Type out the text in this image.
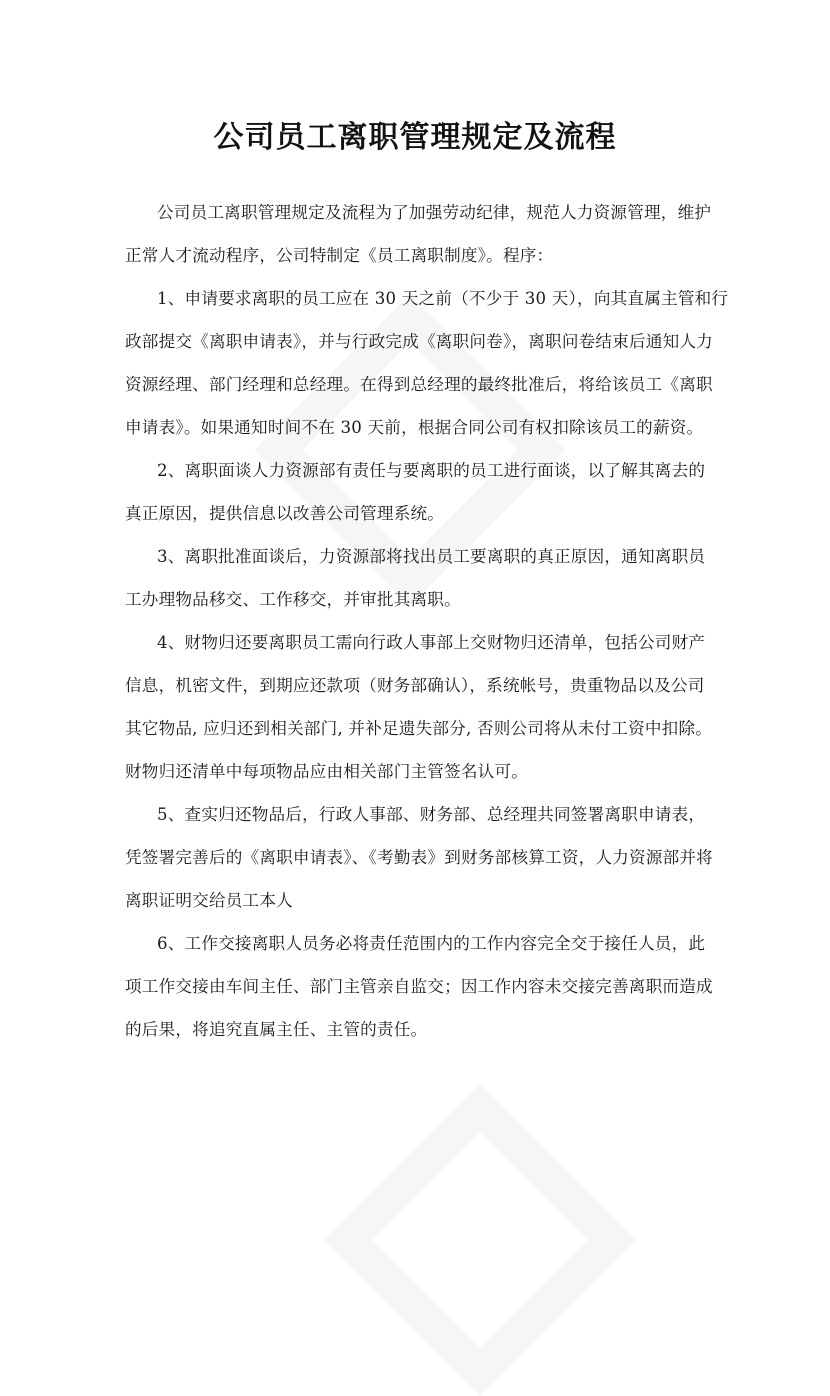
公司员工离职管理规定及流程
公司员工离职管理规定及流程为了加强劳动纪律，规范人力资源管理，维护
正常人才流动程序，公司特制定《员工离职制度》。程序：
1、申请要求离职的员工应在 30 天之前（不少于 30 天），向其直属主管和行
政部提交《离职申请表》，并与行政完成《离职问卷》，离职问卷结束后通知人力
资源经理、部门经理和总经理。在得到总经理的最终批准后，将给该员工《离职
申请表》。如果通知时间不在 30 天前，根据合同公司有权扣除该员工的薪资。
2、离职面谈人力资源部有责任与要离职的员工进行面谈，以了解其离去的
真正原因，提供信息以改善公司管理系统。
3、离职批准面谈后，力资源部将找出员工要离职的真正原因，通知离职员
工办理物品移交、工作移交，并审批其离职。
4、财物归还要离职员工需向行政人事部上交财物归还清单，包括公司财产
信息，机密文件，到期应还款项（财务部确认），系统帐号，贵重物品以及公司
其它物品, 应归还到相关部门, 并补足遗失部分, 否则公司将从未付工资中扣除。
财物归还清单中每项物品应由相关部门主管签名认可。
5、查实归还物品后，行政人事部、财务部、总经理共同签署离职申请表，
凭签署完善后的《离职申请表》、《考勤表》到财务部核算工资，人力资源部并将
离职证明交给员工本人
6、工作交接离职人员务必将责任范围内的工作内容完全交于接任人员，此
项工作交接由车间主任、部门主管亲自监交；因工作内容未交接完善离职而造成
的后果，将追究直属主任、主管的责任。
